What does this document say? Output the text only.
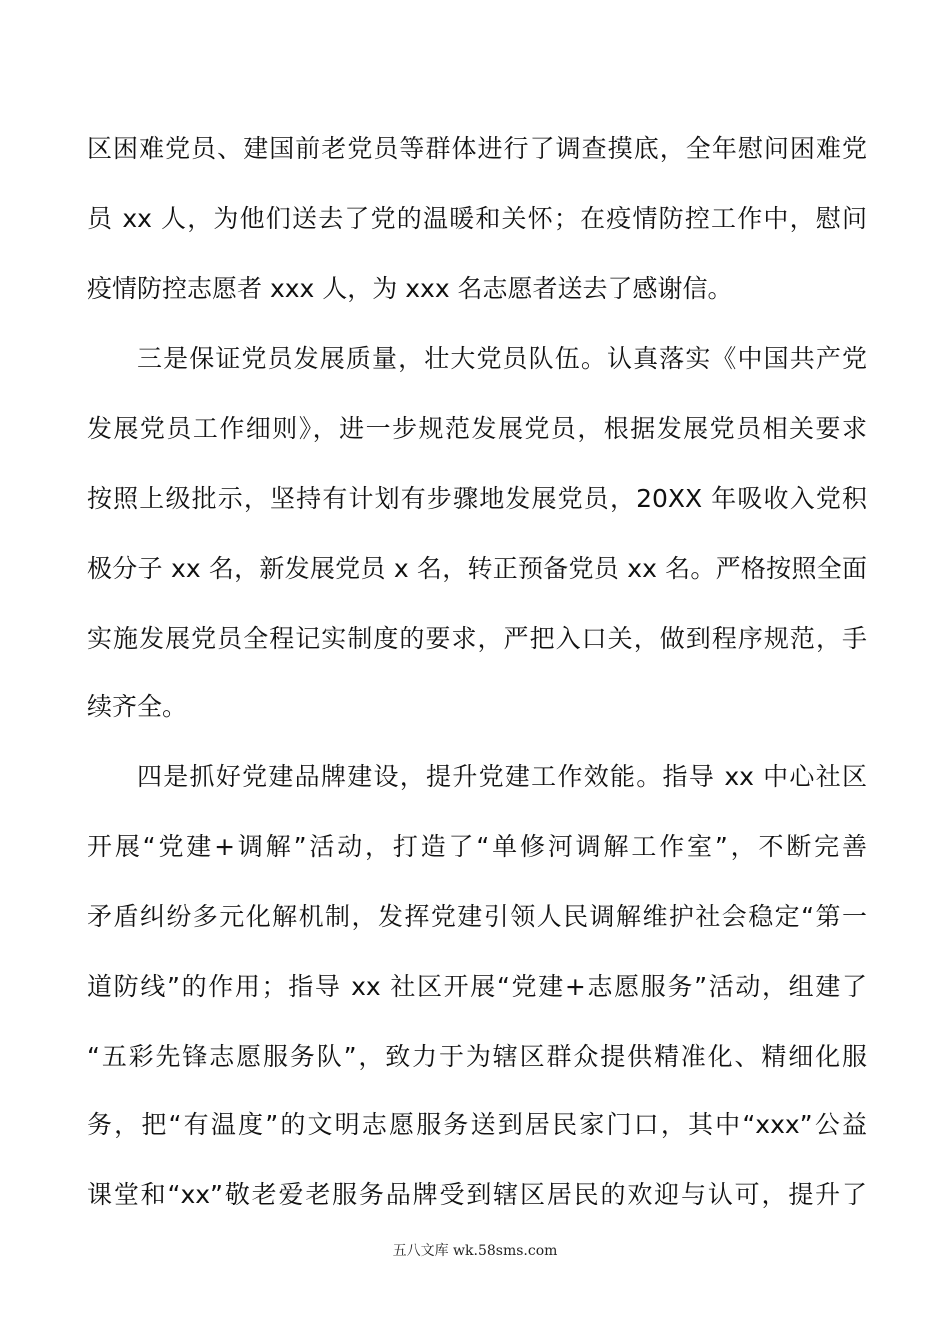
区困难党员、建国前老党员等群体进行了调查摸底，全年慰问困难党
员 xx 人，为他们送去了党的温暖和关怀；在疫情防控工作中，慰问
疫情防控志愿者 xxx 人，为 xxx 名志愿者送去了感谢信。
三是保证党员发展质量，壮大党员队伍。认真落实《中国共产党
发展党员工作细则》，进一步规范发展党员，根据发展党员相关要求
按照上级批示，坚持有计划有步骤地发展党员，20XX 年吸收入党积
极分子 xx 名，新发展党员 x 名，转正预备党员 xx 名。严格按照全面
实施发展党员全程记实制度的要求，严把入口关，做到程序规范，手
续齐全。
四是抓好党建品牌建设，提升党建工作效能。指导 xx 中心社区
开展“党建+调解”活动，打造了“单修河调解工作室”，不断完善
矛盾纠纷多元化解机制，发挥党建引领人民调解维护社会稳定“第一
道防线”的作用；指导 xx 社区开展“党建+志愿服务”活动，组建了
“五彩先锋志愿服务队”，致力于为辖区群众提供精准化、精细化服
务，把“有温度”的文明志愿服务送到居民家门口，其中“xxx”公益
课堂和“xx”敬老爱老服务品牌受到辖区居民的欢迎与认可，提升了
五八文库 wk.58sms.com
